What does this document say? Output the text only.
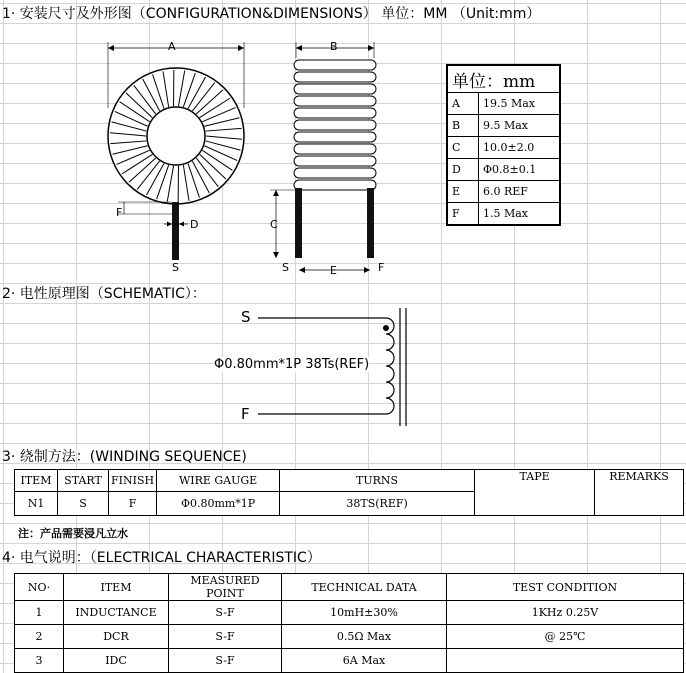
1· 安装尺寸及外形图（CONFIGURATION&DIMENSIONS） 单位：MM （Unit:mm）
2· 电性原理图（SCHEMATIC）：
3· 绕制方法：(WINDING SEQUENCE)
4· 电气说明：（ELECTRICAL CHARACTERISTIC）
A
F
D
S
B
C
E
S	F
单位：mm	
A	19.5 Max
B	9.5 Max
C	10.0±2.0
D	Φ0.8±0.1
E	6.0 REF
F	1.5 Max
S
F
Φ0.80mm*1P 38Ts(REF)
ITEM	START	FINISH	WIRE GAUGE	TURNS	TAPE	REMARKS
N1	S	F	Φ0.80mm*1P	38TS(REF)		
注：产品需要浸凡立水
NO·	ITEM	MEASURED POINT	TECHNICAL DATA	TEST CONDITION
1	INDUCTANCE	S-F	10mH±30%	1KHz 0.25V
2	DCR	S-F	0.5Ω Max	@ 25℃
3	IDC	S-F	6A Max	
